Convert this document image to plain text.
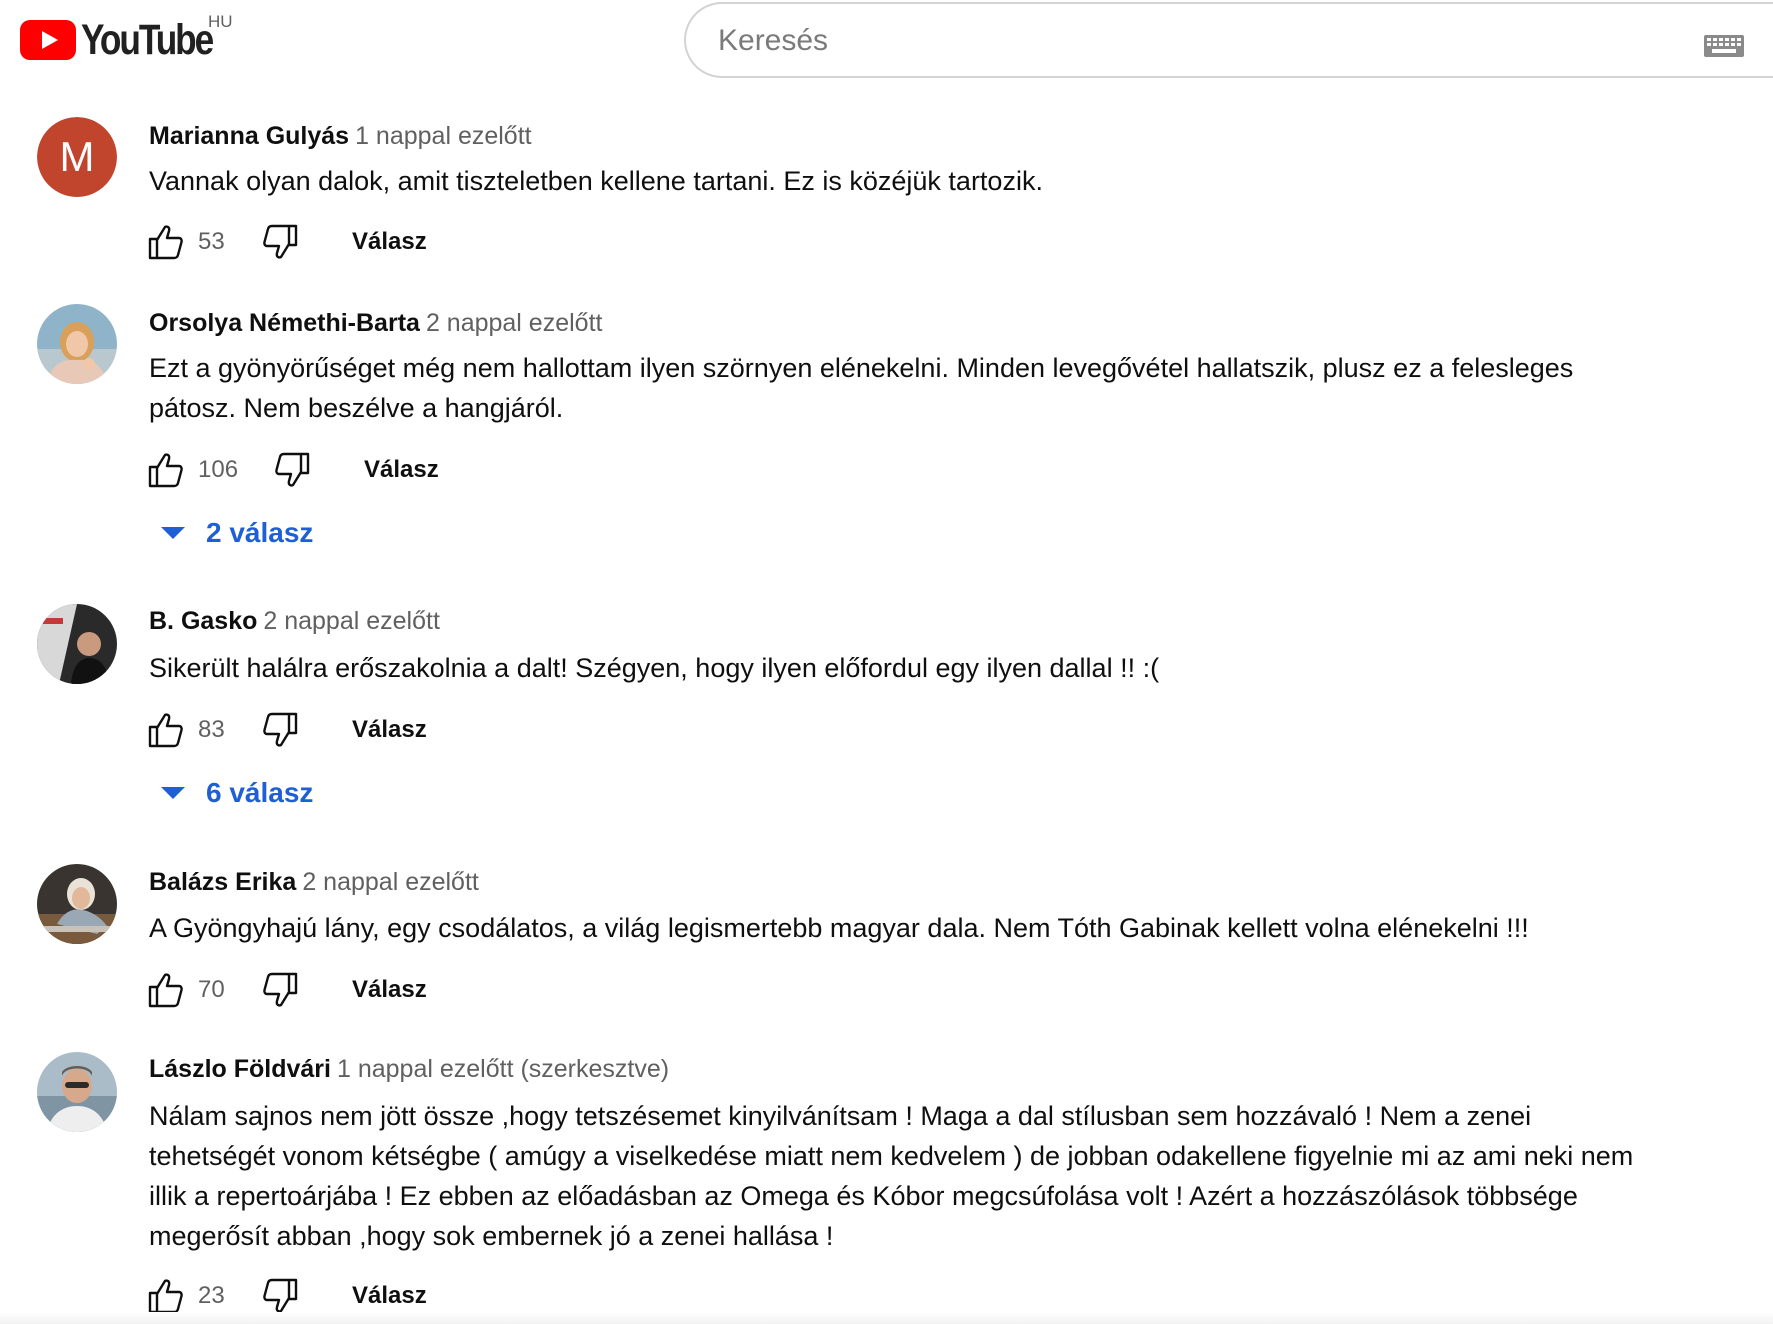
YouTube
HU
Keresés
M	Marianna Gulyás 1 nappal ezelőtt
Vannak olyan dalok, amit tiszteletben kellene tartani. Ez is közéjük tartozik.
53	Válasz
Orsolya Némethi-Barta 2 nappal ezelőtt
Ezt a gyönyörűséget még nem hallottam ilyen szörnyen elénekelni. Minden levegővétel hallatszik, plusz ez a felesleges pátosz. Nem beszélve a hangjáról.
106	Válasz
2 válasz
B. Gasko 2 nappal ezelőtt
Sikerült halálra erőszakolnia a dalt! Szégyen, hogy ilyen előfordul egy ilyen dallal !! :(
83	Válasz
6 válasz
Balázs Erika 2 nappal ezelőtt
A Gyöngyhajú lány, egy csodálatos, a világ legismertebb magyar dala. Nem Tóth Gabinak kellett volna elénekelni !!!
70	Válasz
Lászlo Földvári 1 nappal ezelőtt (szerkesztve)
Nálam sajnos nem jött össze ,hogy tetszésemet kinyilvánítsam ! Maga a dal stílusban sem hozzávaló ! Nem a zenei tehetségét vonom kétségbe ( amúgy a viselkedése miatt nem kedvelem ) de jobban odakellene figyelnie mi az ami neki nem illik a repertoárjába ! Ez ebben az előadásban az Omega és Kóbor megcsúfolása volt ! Azért a hozzászólások többsége megerősít abban ,hogy sok embernek jó a zenei hallása !
23	Válasz
